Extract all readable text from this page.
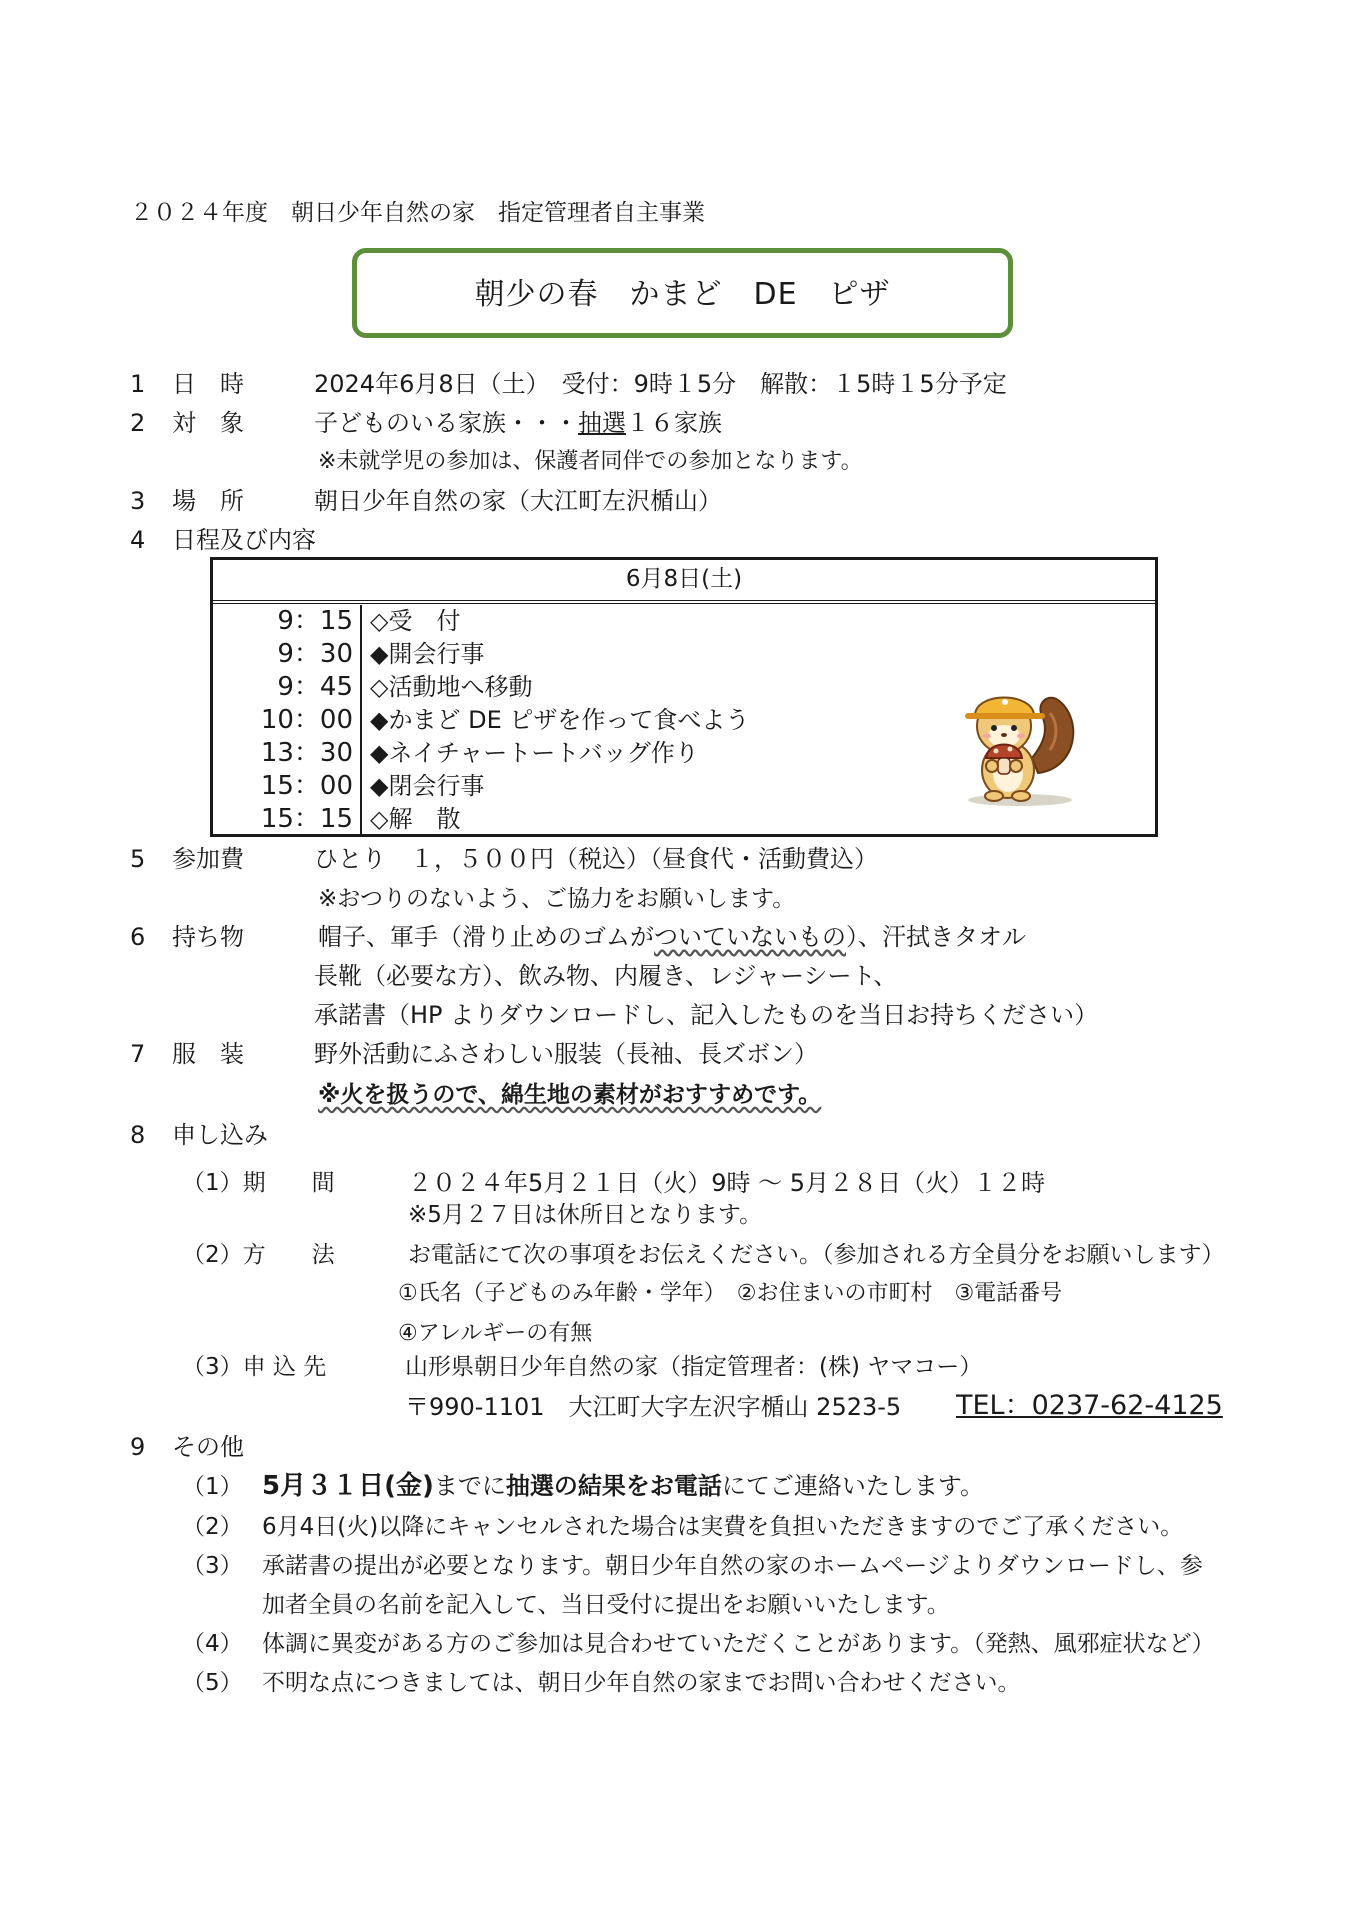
２０２４年度　朝日少年自然の家　指定管理者自主事業
朝少の春　かまど　DE　ピザ
1 日　時	2024年6月8日（土）　受付：9時１5分　解散：１5時１5分予定
2 対　象	子どものいる家族・・・抽選１６家族
※未就学児の参加は、保護者同伴での参加となります。
3 場　所	朝日少年自然の家（大江町左沢楯山）
4 日程及び内容
6月8日(土)
9：15 ◇受　付
9：30 ◆開会行事
9：45 ◇活動地へ移動
10：00 ◆かまど DE ピザを作って食べよう
13：30 ◆ネイチャートートバッグ作り
15：00 ◆閉会行事
15：15 ◇解　散
5 参加費	ひとり　１，５００円（税込）（昼食代・活動費込）
※おつりのないよう、ご協力をお願いします。
6 持ち物	帽子、軍手（滑り止めのゴムがついていないもの）、汗拭きタオル
長靴（必要な方）、飲み物、内履き、レジャーシート、
承諾書（HP よりダウンロードし、記入したものを当日お持ちください）
7 服　装	野外活動にふさわしい服装（長袖、長ズボン）
※火を扱うので、綿生地の素材がおすすめです。
8 申し込み
（1）期　　間	２０２４年5月２１日（火）9時 ～ 5月２８日（火）１２時
※5月２７日は休所日となります。
（2）方　　法	お電話にて次の事項をお伝えください。（参加される方全員分をお願いします）
①氏名（子どものみ年齢・学年）　②お住まいの市町村　③電話番号
④アレルギーの有無
（3）申 込 先	山形県朝日少年自然の家（指定管理者：(株) ヤマコー）
〒990-1101　大江町大字左沢字楯山 2523-5 TEL：0237-62-4125
9 その他
（1） 5月３１日(金)までに抽選の結果をお電話にてご連絡いたします。
（2） 6月4日(火)以降にキャンセルされた場合は実費を負担いただきますのでご了承ください。
（3） 承諾書の提出が必要となります。朝日少年自然の家のホームページよりダウンロードし、参
加者全員の名前を記入して、当日受付に提出をお願いいたします。
（4） 体調に異変がある方のご参加は見合わせていただくことがあります。（発熱、風邪症状など）
（5） 不明な点につきましては、朝日少年自然の家までお問い合わせください。
